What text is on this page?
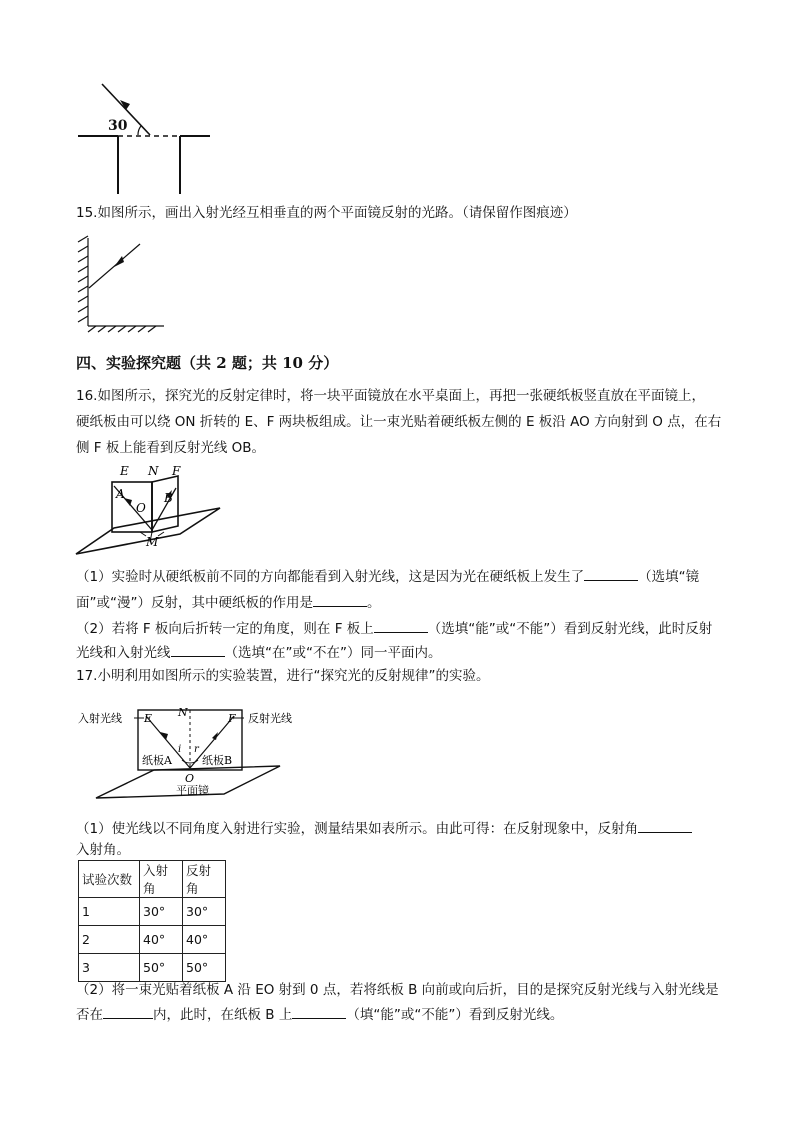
30
15.如图所示，画出入射光经互相垂直的两个平面镜反射的光路。（请保留作图痕迹）
四、实验探究题（共 2 题；共 10 分）
16.如图所示，探究光的反射定律时，将一块平面镜放在水平桌面上，再把一张硬纸板竖直放在平面镜上，
硬纸板由可以绕 ON 折转的 E、F 两块板组成。让一束光贴着硬纸板左侧的 E 板沿 AO 方向射到 O 点，在右
侧 F 板上能看到反射光线 OB。
E N F
A
O
B
M
（1）实验时从硬纸板前不同的方向都能看到入射光线，这是因为光在硬纸板上发生了	（选填“镜
面”或“漫”）反射，其中硬纸板的作用是	。
（2）若将 F 板向后折转一定的角度，则在 F 板上	（选填“能”或“不能”）看到反射光线，此时反射
光线和入射光线	（选填“在”或“不在”）同一平面内。
17.小明利用如图所示的实验装置，进行“探究光的反射规律”的实验。
入射光线	反射光线
E N	F
i r
纸板A	纸板B
O
平面镜
（1）使光线以不同角度入射进行实验，测量结果如表所示。由此可得：在反射现象中，反射角
入射角。
试验次数	入射角	反射角
1	30°	30°
2	40°	40°
3	50°	50°
（2）将一束光贴着纸板 A 沿 EO 射到 0 点，若将纸板 B 向前或向后折，目的是探究反射光线与入射光线是
否在	内，此时，在纸板 B 上	（填“能”或“不能”）看到反射光线。
